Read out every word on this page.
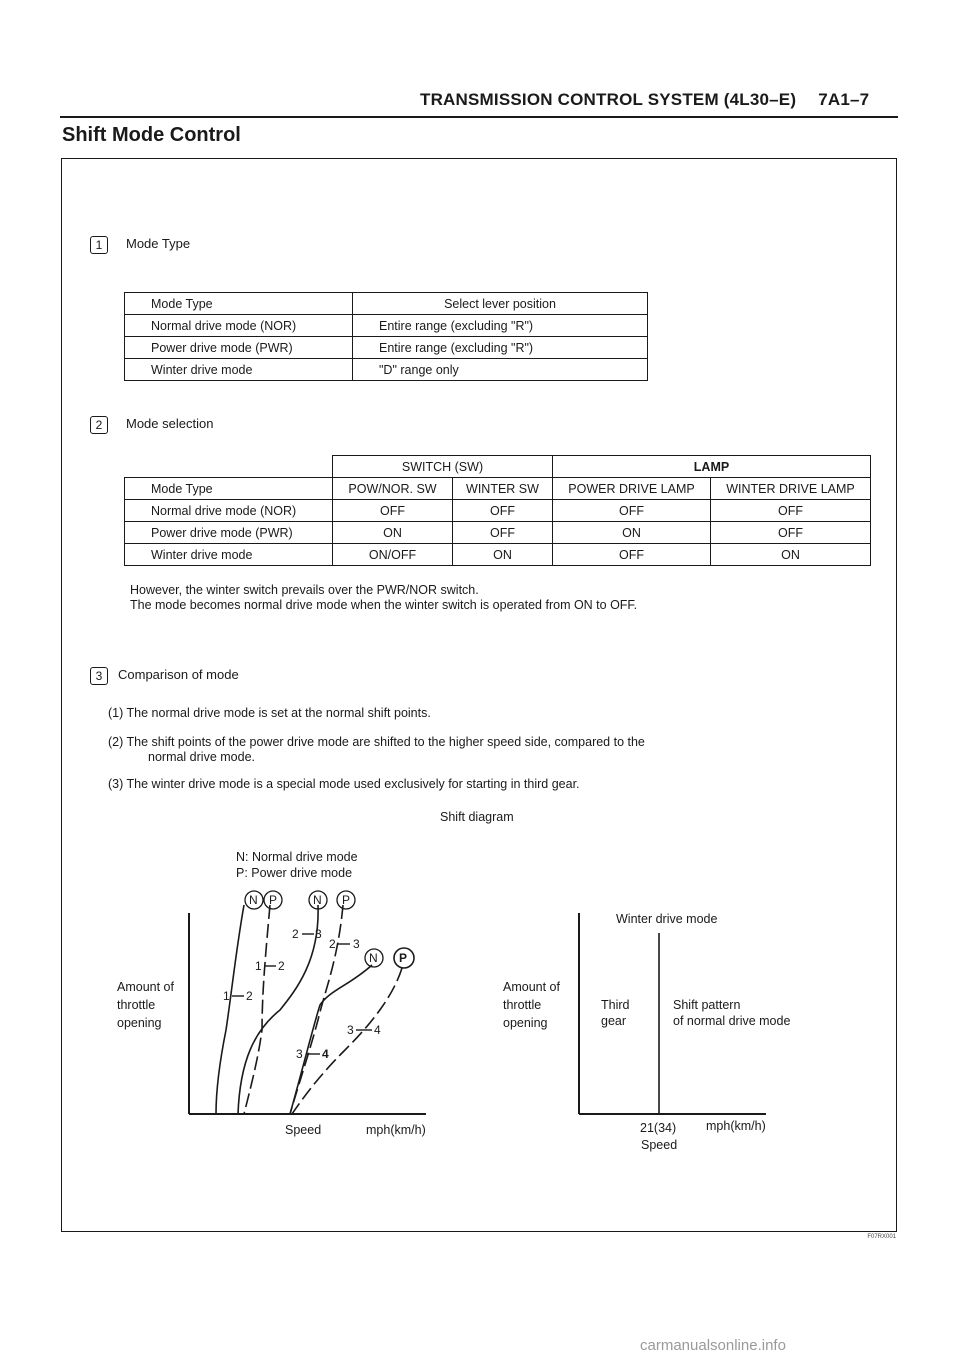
TRANSMISSION CONTROL SYSTEM (4L30–E) 7A1–7
Shift Mode Control
1	Mode Type
Mode Type	Select lever position
Normal drive mode (NOR)	Entire range (excluding "R")
Power drive mode (PWR)	Entire range (excluding "R")
Winter drive mode	"D" range only
2	Mode selection
	SWITCH (SW)		LAMP	
Mode Type	POW/NOR. SW	WINTER SW	POWER DRIVE LAMP	WINTER DRIVE LAMP
Normal drive mode (NOR)	OFF	OFF	OFF	OFF
Power drive mode (PWR)	ON	OFF	ON	OFF
Winter drive mode	ON/OFF	ON	OFF	ON
However, the winter switch prevails over the PWR/NOR switch.
The mode becomes normal drive mode when the winter switch is operated from ON to OFF.
3	Comparison of mode
(1) The normal drive mode is set at the normal shift points.
(2) The shift points of the power drive mode are shifted to the higher speed side, compared to the
normal drive mode.
(3) The winter drive mode is a special mode used exclusively for starting in third gear.
Shift diagram
N: Normal drive mode
P: Power drive mode
N P	N P
N P
1 2
1 2
2 3
2 3
3 4
3 4
Amount of
throttle
opening
Speed	mph(km/h)
Winter drive mode
Amount of
throttle
opening
Third
gear
Shift pattern
of normal drive mode
21(34) mph(km/h)
Speed
F07RX001
carmanualsonline.info
